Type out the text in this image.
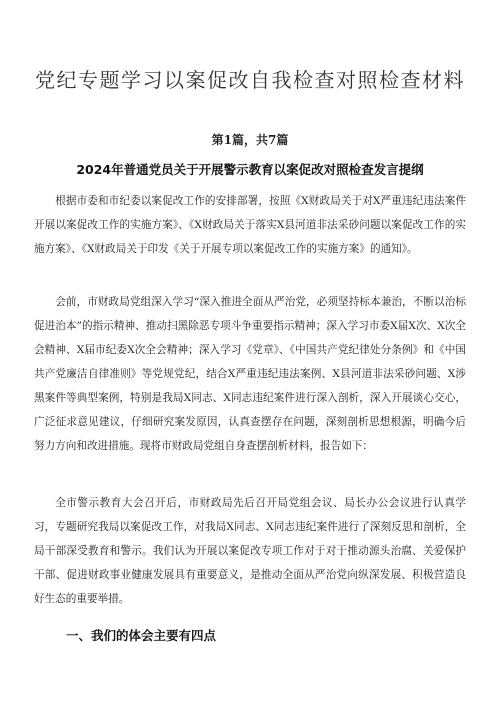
党纪专题学习以案促改自我检查对照检查材料
第1篇，共7篇
2024年普通党员关于开展警示教育以案促改对照检查发言提纲

根据市委和市纪委以案促改工作的安排部署，按照《X财政局关于对X严重违纪违法案件开展以案促改工作的实施方案》、《X财政局关于落实X县河道非法采砂问题以案促改工作的实施方案》、《X财政局关于印发《关于开展专项以案促改工作的实施方案》的通知》。

会前，市财政局党组深入学习“深入推进全面从严治党，必须坚持标本兼治，不断以治标促进治本”的指示精神、推动扫黑除恶专项斗争重要指示精神；深入学习市委X届X次、X次全会精神、X届市纪委X次全会精神；深入学习《党章》、《中国共产党纪律处分条例》和《中国共产党廉洁自律准则》等党规党纪，结合X严重违纪违法案例、X县河道非法采砂问题、X涉黑案件等典型案例，特别是我局X同志、X同志违纪案件进行深入剖析，深入开展谈心交心，广泛征求意见建议，仔细研究案发原因，认真查摆存在问题，深刻剖析思想根源，明确今后努力方向和改进措施。现将市财政局党组自身查摆剖析材料，报告如下：

全市警示教育大会召开后，市财政局先后召开局党组会议、局长办公会议进行认真学习，专题研究我局以案促改工作，对我局X同志、X同志违纪案件进行了深刻反思和剖析，全局干部深受教育和警示。我们认为开展以案促改专项工作对于对于推动源头治腐、关爱保护干部、促进财政事业健康发展具有重要意义，是推动全面从严治党向纵深发展、积极营造良好生态的重要举措。

一、我们的体会主要有四点
